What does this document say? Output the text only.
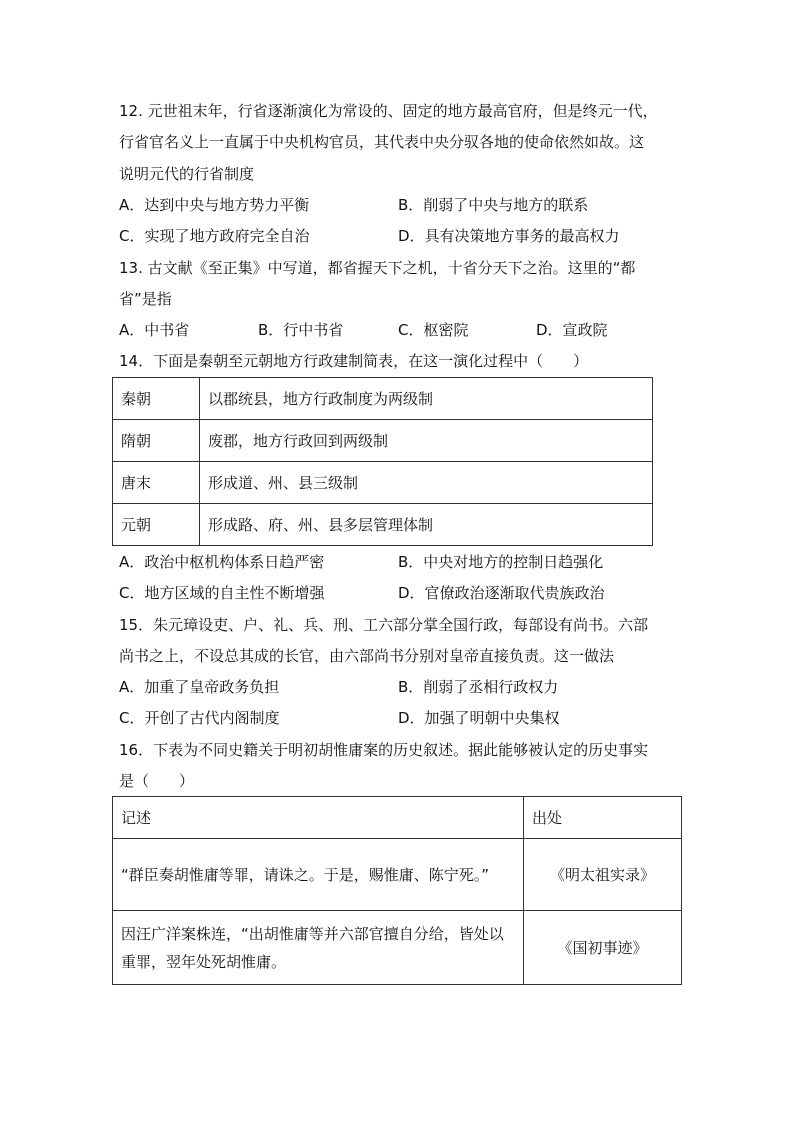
12. 元世祖末年，行省逐渐演化为常设的、固定的地方最高官府，但是终元一代，
行省官名义上一直属于中央机构官员，其代表中央分驭各地的使命依然如故。这
说明元代的行省制度
A．达到中央与地方势力平衡	B．削弱了中央与地方的联系
C．实现了地方政府完全自治	D．具有决策地方事务的最高权力
13. 古文献《至正集》中写道，都省握天下之机，十省分天下之治。这里的“都
省”是指
A．中书省	B．行中书省	C．枢密院	D．宣政院
14．下面是秦朝至元朝地方行政建制简表，在这一演化过程中（　　）
秦朝	以郡统县，地方行政制度为两级制
隋朝	废郡，地方行政回到两级制
唐末	形成道、州、县三级制
元朝	形成路、府、州、县多层管理体制
A．政治中枢机构体系日趋严密	B．中央对地方的控制日趋强化
C．地方区域的自主性不断增强	D．官僚政治逐渐取代贵族政治
15．朱元璋设吏、户、礼、兵、刑、工六部分掌全国行政，每部设有尚书。六部
尚书之上，不设总其成的长官，由六部尚书分别对皇帝直接负责。这一做法
A．加重了皇帝政务负担	B．削弱了丞相行政权力
C．开创了古代内阁制度	D．加强了明朝中央集权
16．下表为不同史籍关于明初胡惟庸案的历史叙述。据此能够被认定的历史事实
是（　　）
记述	出处
“群臣奏胡惟庸等罪，请诛之。于是，赐惟庸、陈宁死。”	《明太祖实录》
因汪广洋案株连，“出胡惟庸等并六部官擅自分给，皆处以重罪，翌年处死胡惟庸。	《国初事迹》
